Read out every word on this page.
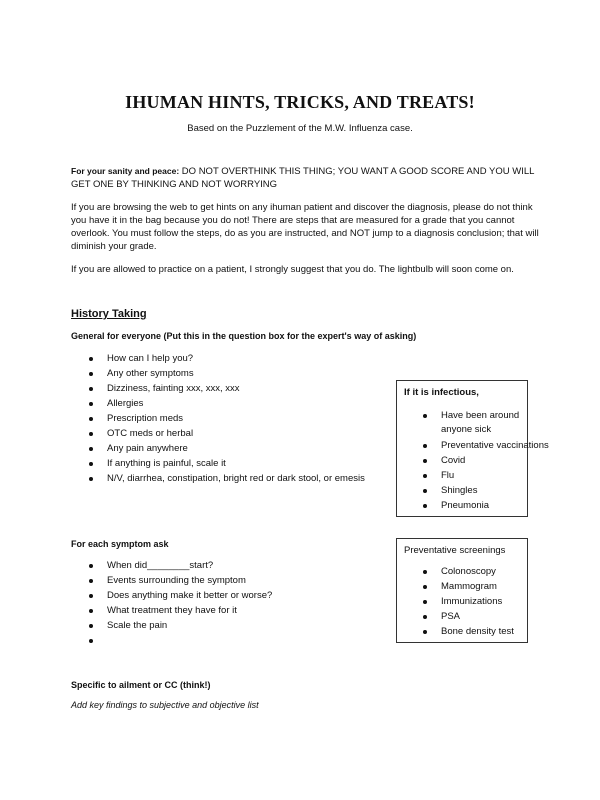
IHUMAN HINTS, TRICKS, AND TREATS!
Based on the Puzzlement of the M.W. Influenza case.
For your sanity and peace: DO NOT OVERTHINK THIS THING; YOU WANT A GOOD SCORE AND YOU WILL GET ONE BY THINKING AND NOT WORRYING
If you are browsing the web to get hints on any ihuman patient and discover the diagnosis, please do not think you have it in the bag because you do not! There are steps that are measured for a grade that you cannot overlook. You must follow the steps, do as you are instructed, and NOT jump to a diagnosis conclusion; that will diminish your grade.
If you are allowed to practice on a patient, I strongly suggest that you do. The lightbulb will soon come on.
History Taking
General for everyone (Put this in the question box for the expert's way of asking)
How can I help you?
Any other symptoms
Dizziness, fainting xxx, xxx, xxx
Allergies
Prescription meds
OTC meds or herbal
Any pain anywhere
If anything is painful, scale it
N/V, diarrhea, constipation, bright red or dark stool, or emesis
If it is infectious,
Have been around anyone sick
Preventative vaccinations
Covid
Flu
Shingles
Pneumonia
For each symptom ask
When did________start?
Events surrounding the symptom
Does anything make it better or worse?
What treatment they have for it
Scale the pain
Preventative screenings
Colonoscopy
Mammogram
Immunizations
PSA
Bone density test
Specific to ailment or CC (think!)
Add key findings to subjective and objective list
